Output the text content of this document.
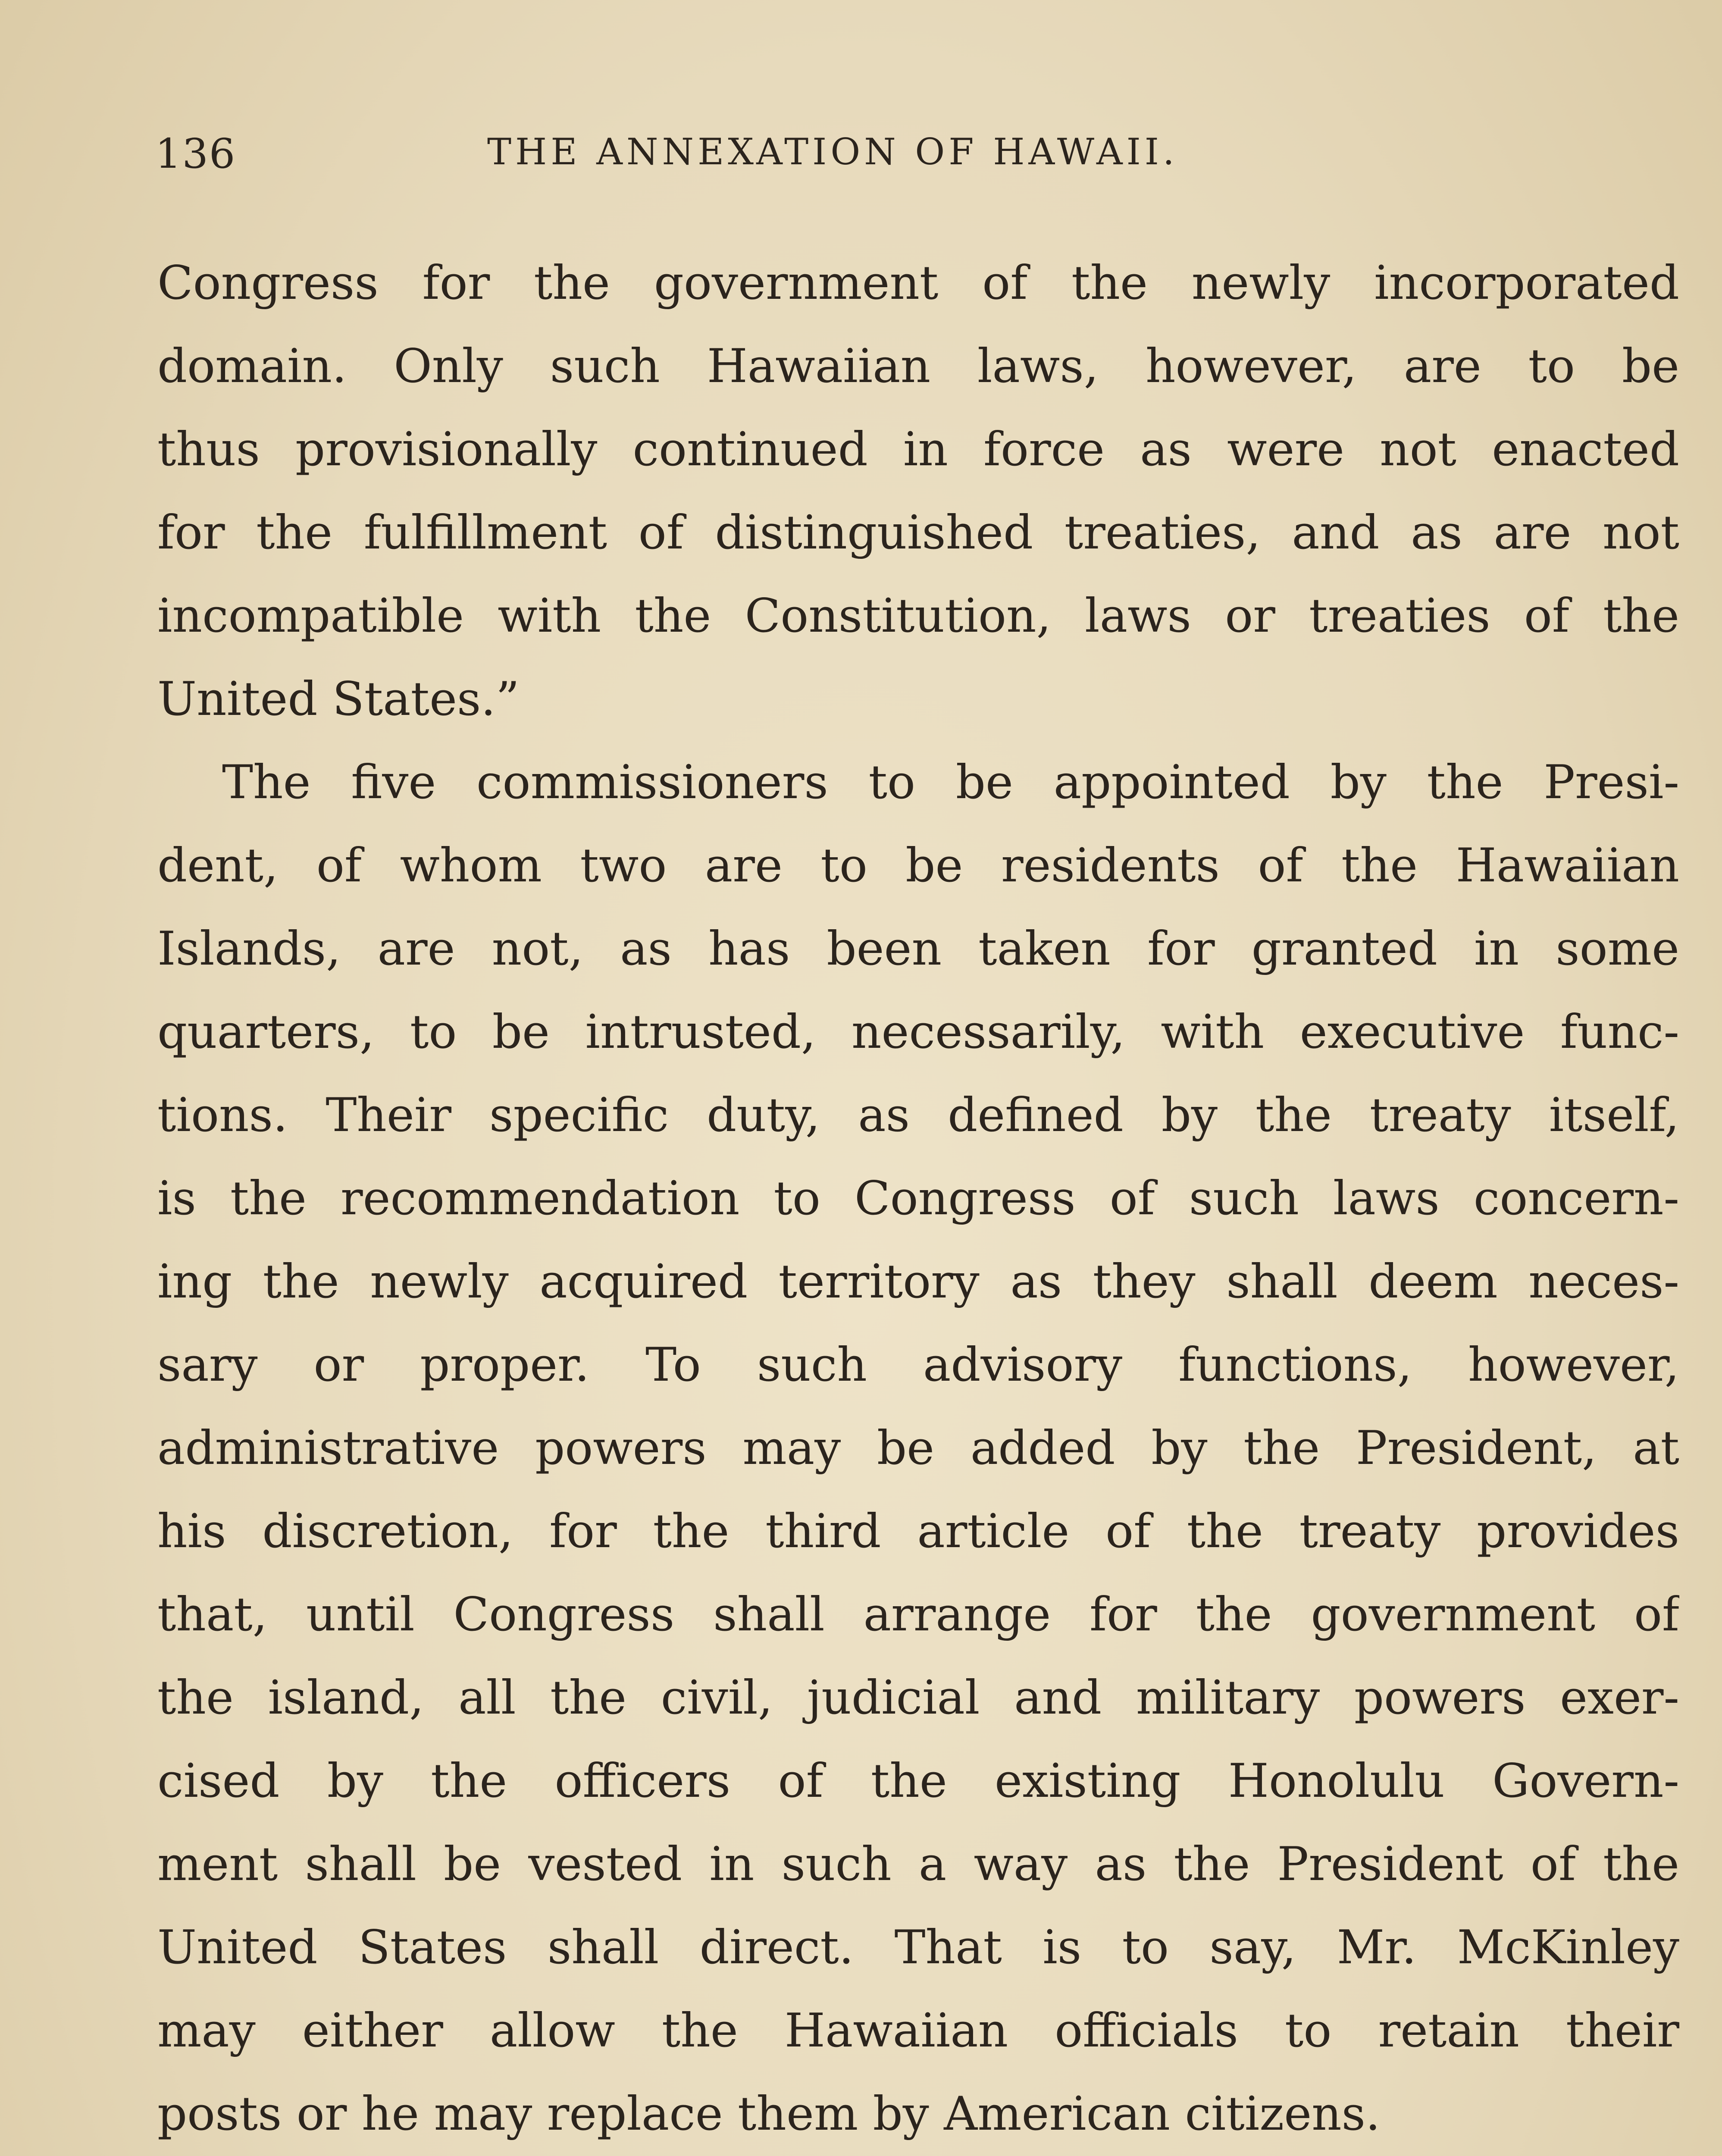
136	THE ANNEXATION OF HAWAII.
Congress for the government of the newly incorporated
domain. Only such Hawaiian laws, however, are to be
thus provisionally continued in force as were not enacted
for the fulfillment of distinguished treaties, and as are not
incompatible with the Constitution, laws or treaties of the
United States.”
The five commissioners to be appointed by the Presi-
dent, of whom two are to be residents of the Hawaiian
Islands, are not, as has been taken for granted in some
quarters, to be intrusted, necessarily, with executive func-
tions. Their specific duty, as defined by the treaty itself,
is the recommendation to Congress of such laws concern-
ing the newly acquired territory as they shall deem neces-
sary or proper. To such advisory functions, however,
administrative powers may be added by the President, at
his discretion, for the third article of the treaty provides
that, until Congress shall arrange for the government of
the island, all the civil, judicial and military powers exer-
cised by the officers of the existing Honolulu Govern-
ment shall be vested in such a way as the President of the
United States shall direct. That is to say, Mr. McKinley
may either allow the Hawaiian officials to retain their
posts or he may replace them by American citizens.
